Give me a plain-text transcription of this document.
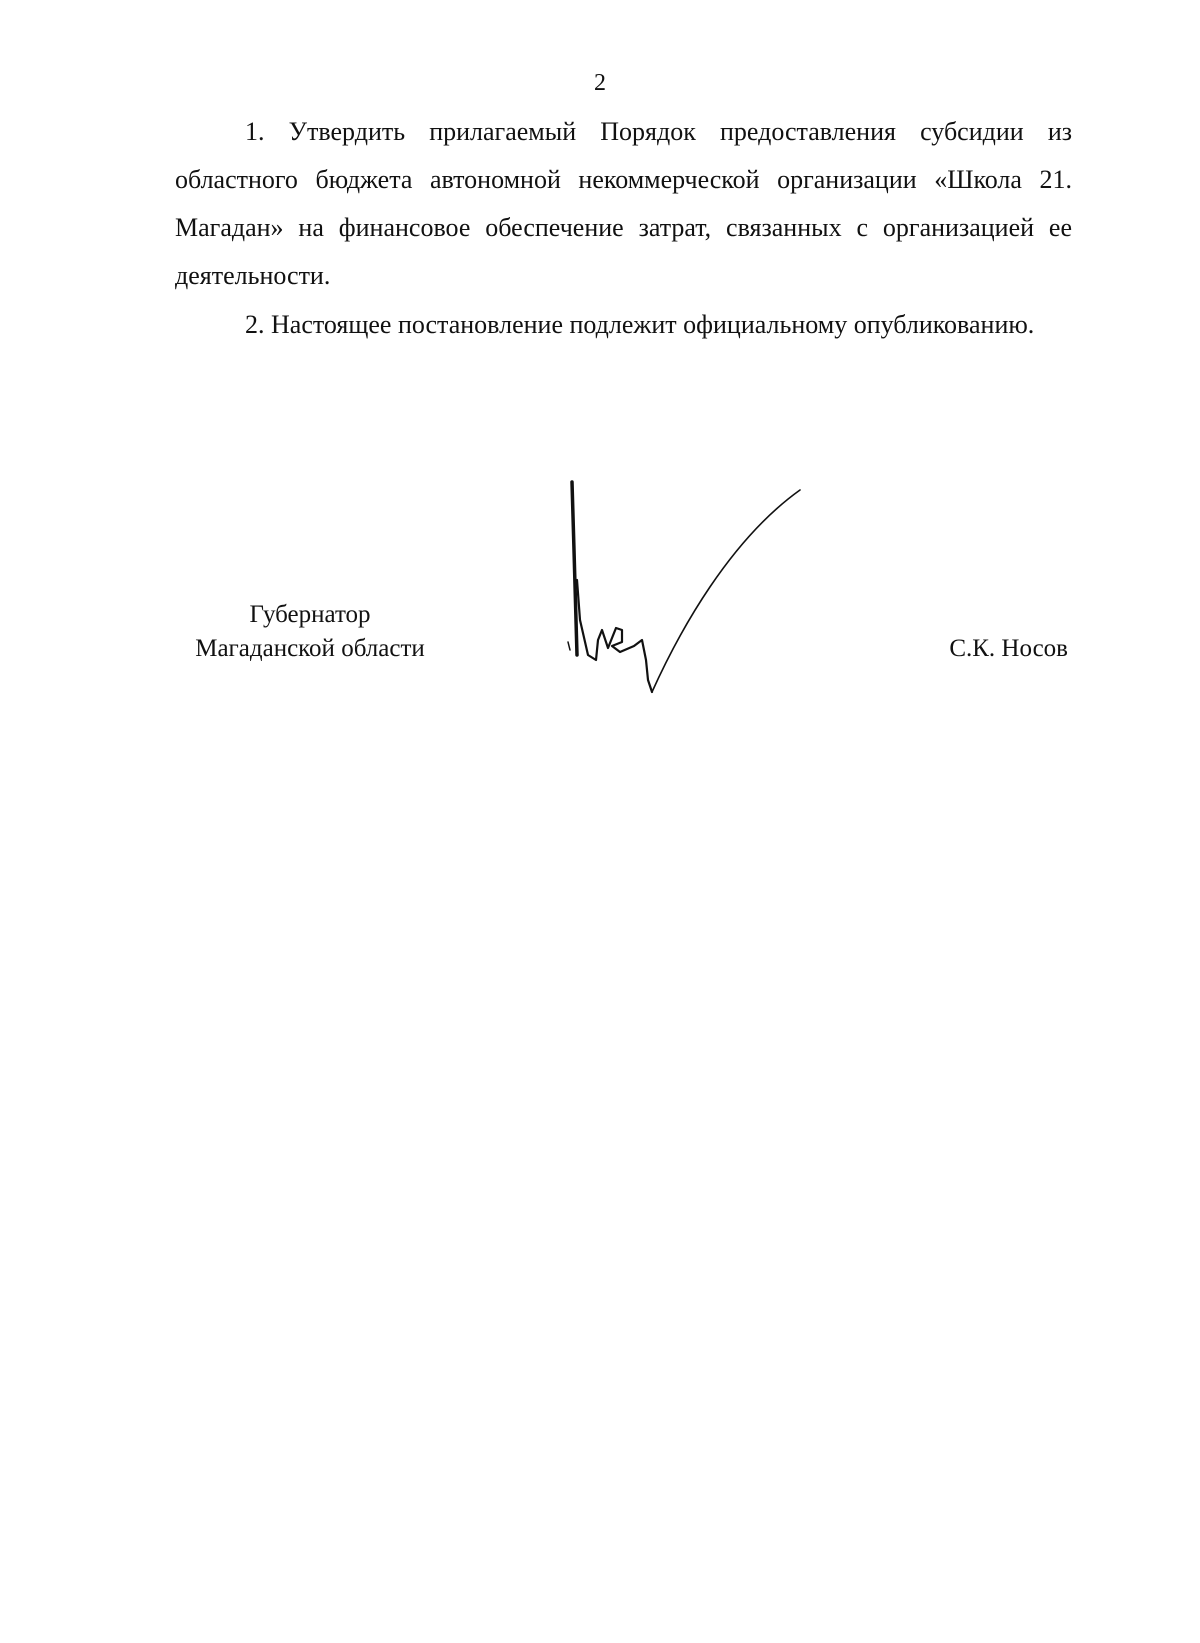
2

1. Утвердить прилагаемый Порядок предоставления субсидии из областного бюджета автономной некоммерческой организации «Школа 21. Магадан» на финансовое обеспечение затрат, связанных с организацией ее деятельности.

2. Настоящее постановление подлежит официальному опубликованию.

Губернатор
Магаданской области	С.К. Носов
